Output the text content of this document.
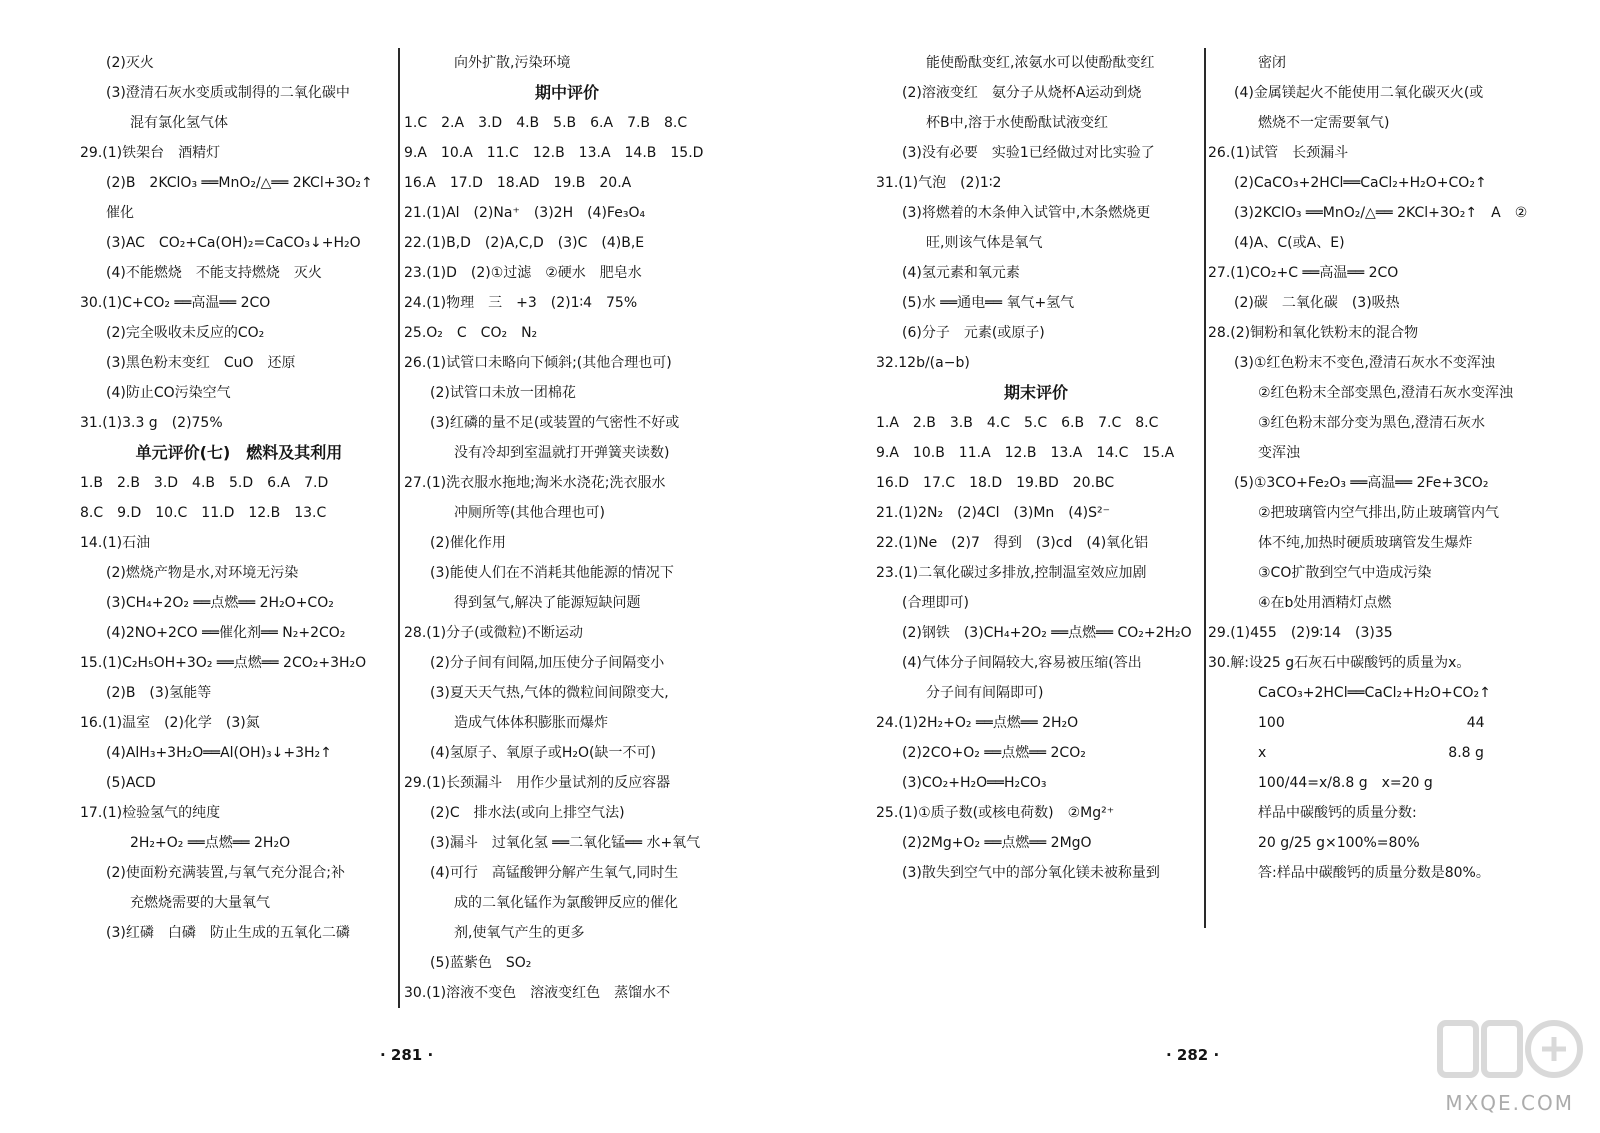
(2)灭火
(3)澄清石灰水变质或制得的二氧化碳中
混有氯化氢气体
29.(1)铁架台　酒精灯
(2)B　2KClO₃ ══MnO₂/△══ 2KCl+3O₂↑
催化
(3)AC　CO₂+Ca(OH)₂=CaCO₃↓+H₂O
(4)不能燃烧　不能支持燃烧　灭火
30.(1)C+CO₂ ══高温══ 2CO
(2)完全吸收未反应的CO₂
(3)黑色粉末变红　CuO　还原
(4)防止CO污染空气
31.(1)3.3 g　(2)75%
单元评价(七)　燃料及其利用
1.B　2.B　3.D　4.B　5.D　6.A　7.D
8.C　9.D　10.C　11.D　12.B　13.C
14.(1)石油
(2)燃烧产物是水,对环境无污染
(3)CH₄+2O₂ ══点燃══ 2H₂O+CO₂
(4)2NO+2CO ══催化剂══ N₂+2CO₂
15.(1)C₂H₅OH+3O₂ ══点燃══ 2CO₂+3H₂O
(2)B　(3)氢能等
16.(1)温室　(2)化学　(3)氮
(4)AlH₃+3H₂O══Al(OH)₃↓+3H₂↑
(5)ACD
17.(1)检验氢气的纯度
2H₂+O₂ ══点燃══ 2H₂O
(2)使面粉充满装置,与氧气充分混合;补
充燃烧需要的大量氧气
(3)红磷　白磷　防止生成的五氧化二磷
向外扩散,污染环境
期中评价
1.C　2.A　3.D　4.B　5.B　6.A　7.B　8.C
9.A　10.A　11.C　12.B　13.A　14.B　15.D
16.A　17.D　18.AD　19.B　20.A
21.(1)Al　(2)Na⁺　(3)2H　(4)Fe₃O₄
22.(1)B,D　(2)A,C,D　(3)C　(4)B,E
23.(1)D　(2)①过滤　②硬水　肥皂水
24.(1)物理　三　+3　(2)1∶4　75%
25.O₂　C　CO₂　N₂
26.(1)试管口未略向下倾斜;(其他合理也可)
(2)试管口未放一团棉花
(3)红磷的量不足(或装置的气密性不好或
没有冷却到室温就打开弹簧夹读数)
27.(1)洗衣服水拖地;淘米水浇花;洗衣服水
冲厕所等(其他合理也可)
(2)催化作用
(3)能使人们在不消耗其他能源的情况下
得到氢气,解决了能源短缺问题
28.(1)分子(或微粒)不断运动
(2)分子间有间隔,加压使分子间隔变小
(3)夏天天气热,气体的微粒间间隙变大,
造成气体体积膨胀而爆炸
(4)氢原子、氧原子或H₂O(缺一不可)
29.(1)长颈漏斗　用作少量试剂的反应容器
(2)C　排水法(或向上排空气法)
(3)漏斗　过氧化氢 ══二氧化锰══ 水+氧气
(4)可行　高锰酸钾分解产生氧气,同时生
成的二氧化锰作为氯酸钾反应的催化
剂,使氧气产生的更多
(5)蓝紫色　SO₂
30.(1)溶液不变色　溶液变红色　蒸馏水不
· 281 ·
能使酚酞变红,浓氨水可以使酚酞变红
(2)溶液变红　氨分子从烧杯A运动到烧
杯B中,溶于水使酚酞试液变红
(3)没有必要　实验1已经做过对比实验了
31.(1)气泡　(2)1∶2
(3)将燃着的木条伸入试管中,木条燃烧更
旺,则该气体是氧气
(4)氢元素和氧元素
(5)水 ══通电══ 氧气+氢气
(6)分子　元素(或原子)
32.12b/(a−b)
期末评价
1.A　2.B　3.B　4.C　5.C　6.B　7.C　8.C
9.A　10.B　11.A　12.B　13.A　14.C　15.A
16.D　17.C　18.D　19.BD　20.BC
21.(1)2N₂　(2)4Cl　(3)Mn　(4)S²⁻
22.(1)Ne　(2)7　得到　(3)cd　(4)氧化铝
23.(1)二氧化碳过多排放,控制温室效应加剧
(合理即可)
(2)钢铁　(3)CH₄+2O₂ ══点燃══ CO₂+2H₂O
(4)气体分子间隔较大,容易被压缩(答出
分子间有间隔即可)
24.(1)2H₂+O₂ ══点燃══ 2H₂O
(2)2CO+O₂ ══点燃══ 2CO₂
(3)CO₂+H₂O══H₂CO₃
25.(1)①质子数(或核电荷数)　②Mg²⁺
(2)2Mg+O₂ ══点燃══ 2MgO
(3)散失到空气中的部分氧化镁未被称量到
密闭
(4)金属镁起火不能使用二氧化碳灭火(或
燃烧不一定需要氧气)
26.(1)试管　长颈漏斗
(2)CaCO₃+2HCl══CaCl₂+H₂O+CO₂↑
(3)2KClO₃ ══MnO₂/△══ 2KCl+3O₂↑　A　②
(4)A、C(或A、E)
27.(1)CO₂+C ══高温══ 2CO
(2)碳　二氧化碳　(3)吸热
28.(2)铜粉和氧化铁粉末的混合物
(3)①红色粉末不变色,澄清石灰水不变浑浊
②红色粉末全部变黑色,澄清石灰水变浑浊
③红色粉末部分变为黑色,澄清石灰水
变浑浊
(5)①3CO+Fe₂O₃ ══高温══ 2Fe+3CO₂
②把玻璃管内空气排出,防止玻璃管内气
体不纯,加热时硬质玻璃管发生爆炸
③CO扩散到空气中造成污染
④在b处用酒精灯点燃
29.(1)455　(2)9∶14　(3)35
30.解:设25 g石灰石中碳酸钙的质量为x。
CaCO₃+2HCl══CaCl₂+H₂O+CO₂↑
100　　　　　　　　　　　　　44
x　　　　　　　　　　　　　8.8 g
100/44=x/8.8 g　x=20 g
样品中碳酸钙的质量分数:
20 g/25 g×100%=80%
答:样品中碳酸钙的质量分数是80%。
· 282 ·
MXQE.COM
